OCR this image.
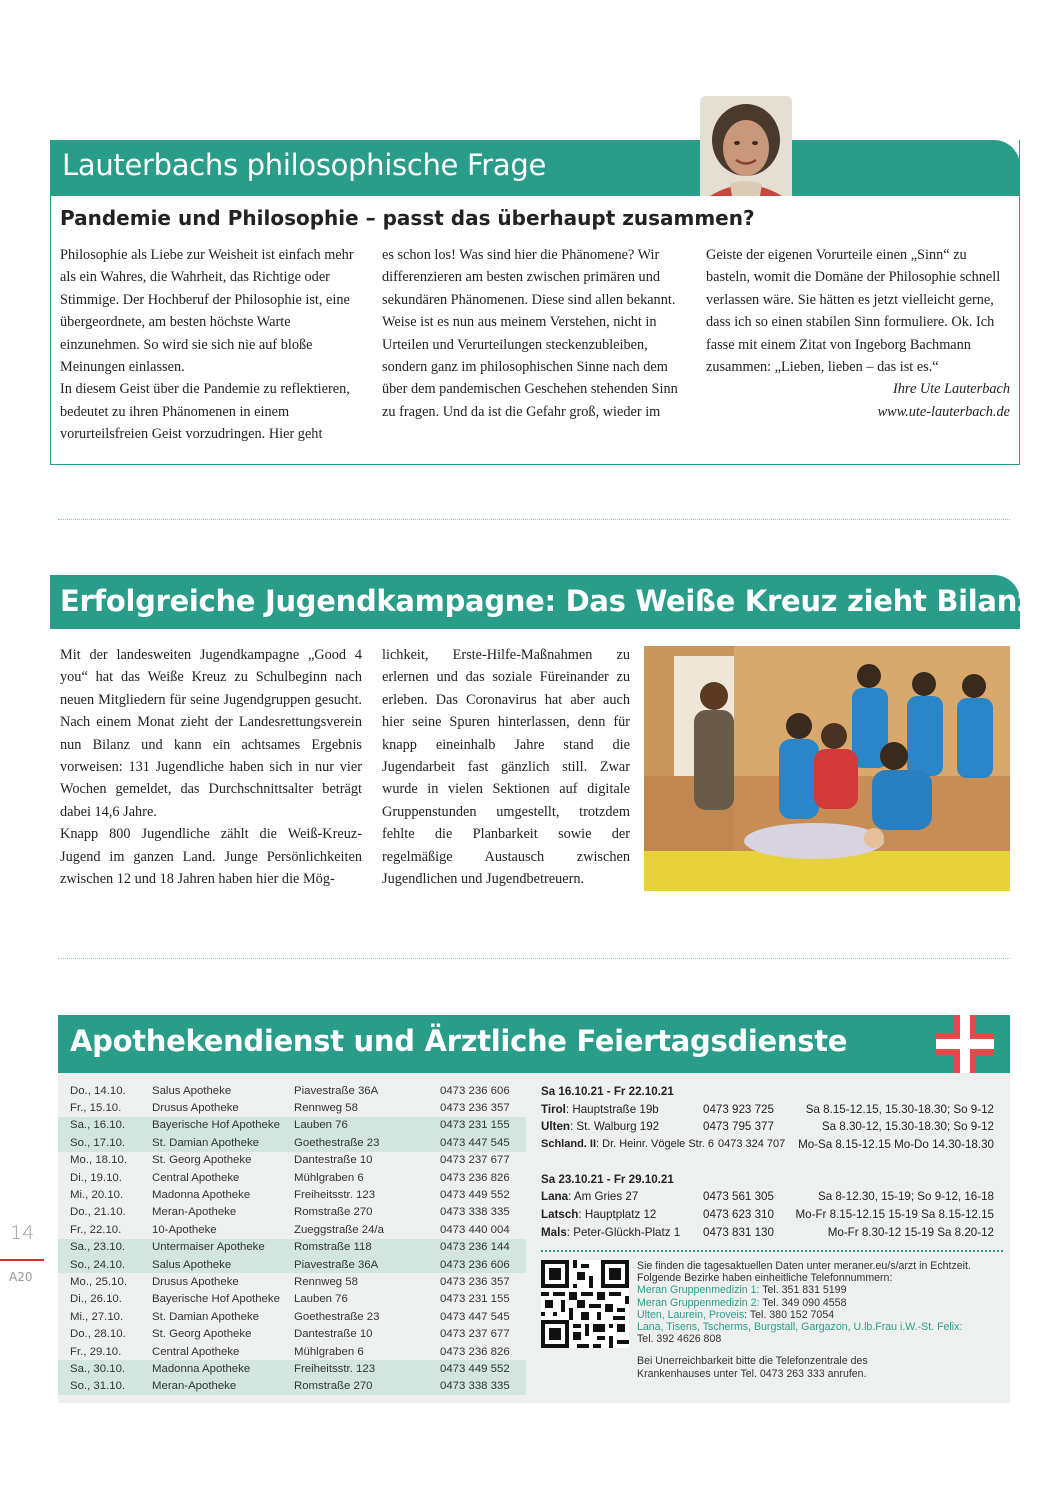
Lauterbachs philosophische Frage
Pandemie und Philosophie – passt das überhaupt zusammen?

Philosophie als Liebe zur Weisheit ist einfach mehr als ein Wahres, die Wahrheit, das Richtige oder Stimmige. Der Hochberuf der Philosophie ist, eine übergeordnete, am besten höchste Warte einzunehmen. So wird sie sich nie auf bloße Meinungen einlassen.

In diesem Geist über die Pandemie zu reflektieren, bedeutet zu ihren Phänomenen in einem vorurteilsfreien Geist vorzudringen. Hier geht

es schon los! Was sind hier die Phänomene? Wir differenzieren am besten zwischen primären und sekundären Phänomenen. Diese sind allen bekannt. Weise ist es nun aus meinem Verstehen, nicht in Urteilen und Verurteilungen steckenzubleiben, sondern ganz im philosophischen Sinne nach dem über dem pandemischen Geschehen stehenden Sinn zu fragen. Und da ist die Gefahr groß, wieder im

Geiste der eigenen Vorurteile einen „Sinn“ zu basteln, womit die Domäne der Philosophie schnell verlassen wäre. Sie hätten es jetzt vielleicht gerne, dass ich so einen stabilen Sinn formuliere. Ok. Ich fasse mit einem Zitat von Ingeborg Bachmann zusammen: „Lieben, lieben – das ist es.“

Ihre Ute Lauterbach

www.ute-lauterbach.de

Erfolgreiche Jugendkampagne: Das Weiße Kreuz zieht Bilanz

Mit der landesweiten Jugendkampagne „Good 4 you“ hat das Weiße Kreuz zu Schulbeginn nach neuen Mitgliedern für seine Jugendgruppen gesucht. Nach einem Monat zieht der Landesrettungsverein nun Bilanz und kann ein achtsames Ergebnis vorweisen: 131 Jugendliche haben sich in nur vier Wochen gemeldet, das Durchschnittsalter beträgt dabei 14,6 Jahre.

Knapp 800 Jugendliche zählt die Weiß-Kreuz-Jugend im ganzen Land. Junge Persönlichkeiten zwischen 12 und 18 Jahren haben hier die Mög-

lichkeit, Erste-Hilfe-Maßnahmen zu erlernen und das soziale Füreinander zu erleben. Das Coronavirus hat aber auch hier seine Spuren hinterlassen, denn für knapp eineinhalb Jahre stand die Jugendarbeit fast gänzlich still. Zwar wurde in vielen Sektionen auf digitale Gruppenstunden umgestellt, trotzdem fehlte die Planbarkeit sowie der regelmäßige Austausch zwischen Jugendlichen und Jugendbetreuern.

Apothekendienst und Ärztliche Feiertagsdienste
Do., 14.10.	Salus Apotheke	Piavestraße 36A	0473 236 606
Fr., 15.10.	Drusus Apotheke	Rennweg 58	0473 236 357
Sa., 16.10.	Bayerische Hof Apotheke	Lauben 76	0473 231 155
So., 17.10.	St. Damian Apotheke	Goethestraße 23	0473 447 545
Mo., 18.10.	St. Georg Apotheke	Dantestraße 10	0473 237 677
Di., 19.10.	Central Apotheke	Mühlgraben 6	0473 236 826
Mi., 20.10.	Madonna Apotheke	Freiheitsstr. 123	0473 449 552
Do., 21.10.	Meran-Apotheke	Romstraße 270	0473 338 335
Fr., 22.10.	10-Apotheke	Zueggstraße 24/a	0473 440 004
Sa., 23.10.	Untermaiser Apotheke	Romstraße 118	0473 236 144
So., 24.10.	Salus Apotheke	Piavestraße 36A	0473 236 606
Mo., 25.10.	Drusus Apotheke	Rennweg 58	0473 236 357
Di., 26.10.	Bayerische Hof Apotheke	Lauben 76	0473 231 155
Mi., 27.10.	St. Damian Apotheke	Goethestraße 23	0473 447 545
Do., 28.10.	St. Georg Apotheke	Dantestraße 10	0473 237 677
Fr., 29.10.	Central Apotheke	Mühlgraben 6	0473 236 826
Sa., 30.10.	Madonna Apotheke	Freiheitsstr. 123	0473 449 552
So., 31.10.	Meran-Apotheke	Romstraße 270	0473 338 335
Sa 16.10.21 - Fr 22.10.21
Tirol: Hauptstraße 19b	0473 923 725	Sa 8.15-12.15, 15.30-18.30; So 9-12
Ulten: St. Walburg 192	0473 795 377	Sa 8.30-12, 15.30-18.30; So 9-12
Schland. II: Dr. Heinr. Vögele Str. 6 0473 324 707 Mo-Sa 8.15-12.15 Mo-Do 14.30-18.30
Sa 23.10.21 - Fr 29.10.21
Lana: Am Gries 27	0473 561 305	Sa 8-12.30, 15-19; So 9-12, 16-18
Latsch: Hauptplatz 12	0473 623 310 Mo-Fr 8.15-12.15 15-19 Sa 8.15-12.15
Mals: Peter-Glückh-Platz 1 0473 831 130	Mo-Fr 8.30-12 15-19 Sa 8.20-12
Sie finden die tagesaktuellen Daten unter meraner.eu/s/arzt in Echtzeit.
Folgende Bezirke haben einheitliche Telefonnummern:
Meran Gruppenmedizin 1: Tel. 351 831 5199
Meran Gruppenmedizin 2: Tel. 349 090 4558
Ulten, Laurein, Proveis: Tel. 380 152 7054
Lana, Tisens, Tscherms, Burgstall, Gargazon, U.lb.Frau i.W.-St. Felix:
Tel. 392 4626 808
Bei Unerreichbarkeit bitte die Telefonzentrale des
Krankenhauses unter Tel. 0473 263 333 anrufen.
14
A20
